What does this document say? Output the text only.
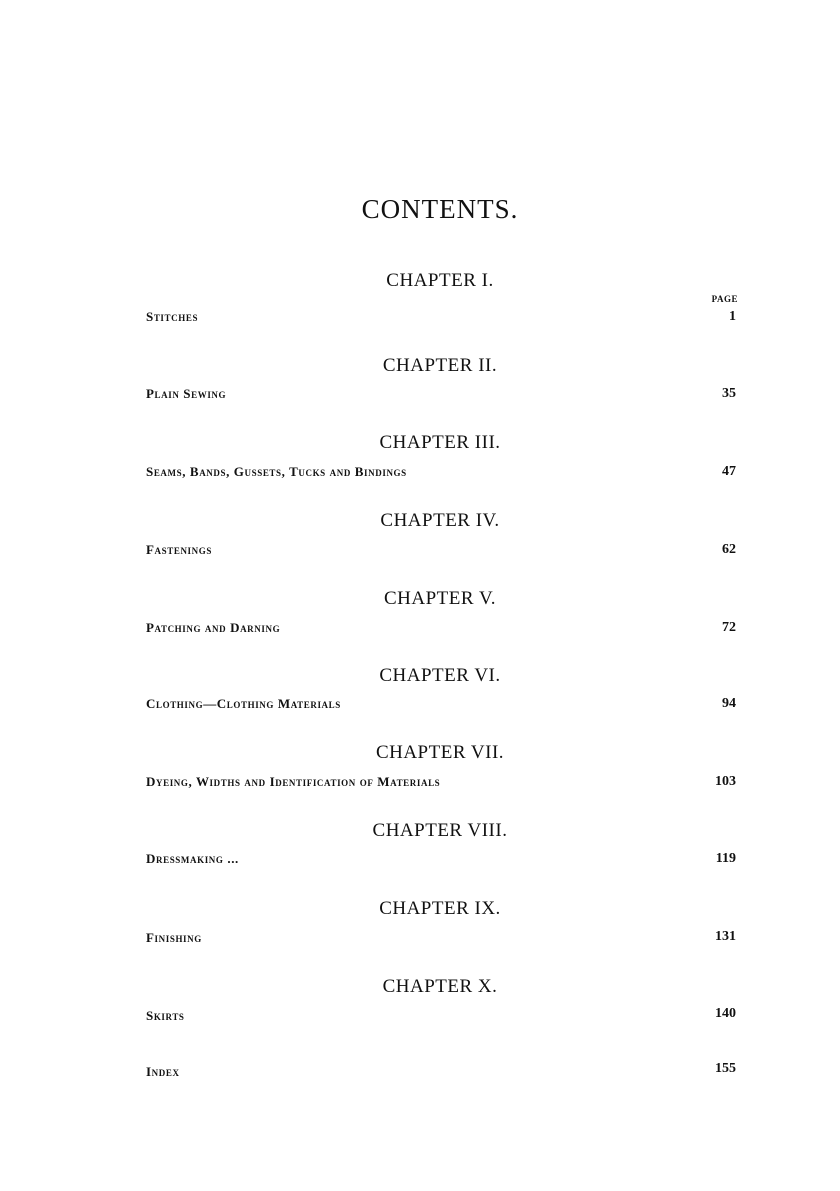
CONTENTS.
PAGE
CHAPTER I.
Stitches	1
CHAPTER II.
Plain Sewing	35
CHAPTER III.
Seams, Bands, Gussets, Tucks and Bindings	47
CHAPTER IV.
Fastenings	62
CHAPTER V.
Patching and Darning	72
CHAPTER VI.
Clothing—Clothing Materials	94
CHAPTER VII.
Dyeing, Widths and Identification of Materials	103
CHAPTER VIII.
Dressmaking ...	119
CHAPTER IX.
Finishing	131
CHAPTER X.
Skirts	140
Index	155
